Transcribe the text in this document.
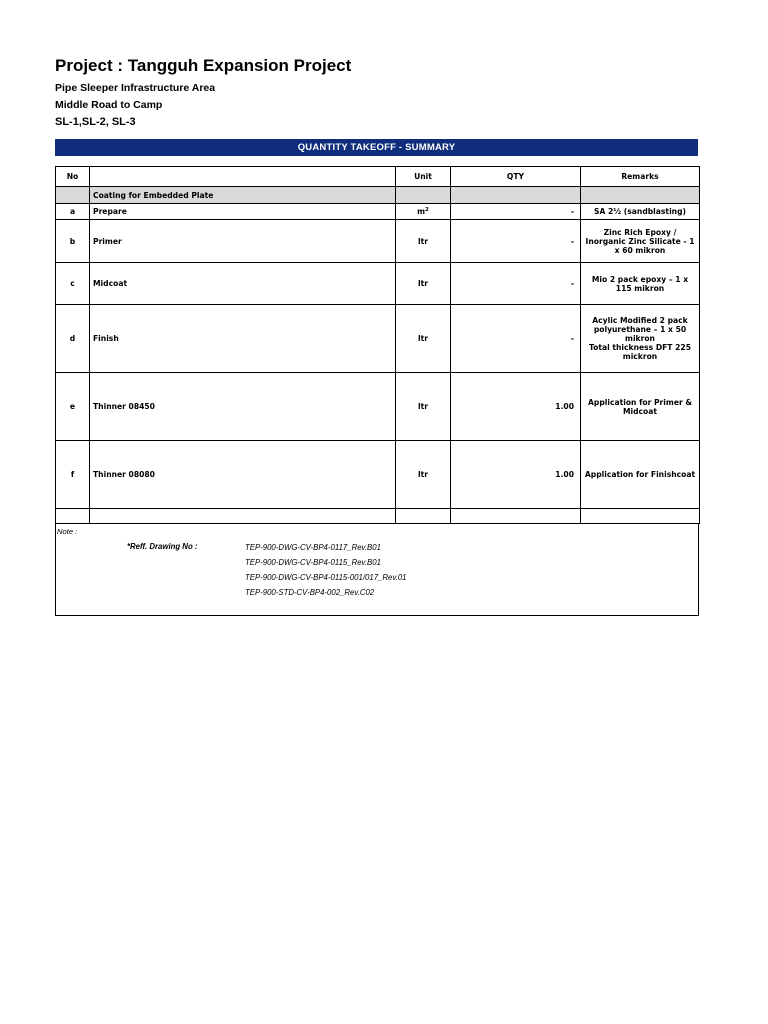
Project : Tangguh Expansion Project
Pipe Sleeper Infrastructure Area
Middle Road to Camp
SL-1,SL-2, SL-3
QUANTITY TAKEOFF - SUMMARY
No		Unit	QTY	Remarks
	Coating for Embedded Plate			
a	Prepare	$m^2$	-	SA 2½ (sandblasting)
b	Primer	ltr	-	Zinc Rich Epoxy / Inorganic Zinc Silicate - 1 x 60 mikron
c	Midcoat	ltr	-	Mio 2 pack epoxy – 1 x 115 mikron
d	Finish	ltr	-	Acylic Modified 2 pack polyurethane – 1 x 50 mikron
Total thickness DFT 225 mickron

e	Thinner 08450	ltr	1.00	Application for Primer & Midcoat
f	Thinner 08080	ltr	1.00	Application for Finishcoat

Note :
*Reff. Drawing No :	TEP-900-DWG-CV-BP4-0117_Rev.B01
TEP-900-DWG-CV-BP4-0115_Rev.B01
TEP-900-DWG-CV-BP4-0115-001/017_Rev.01
TEP-900-STD-CV-BP4-002_Rev.C02
